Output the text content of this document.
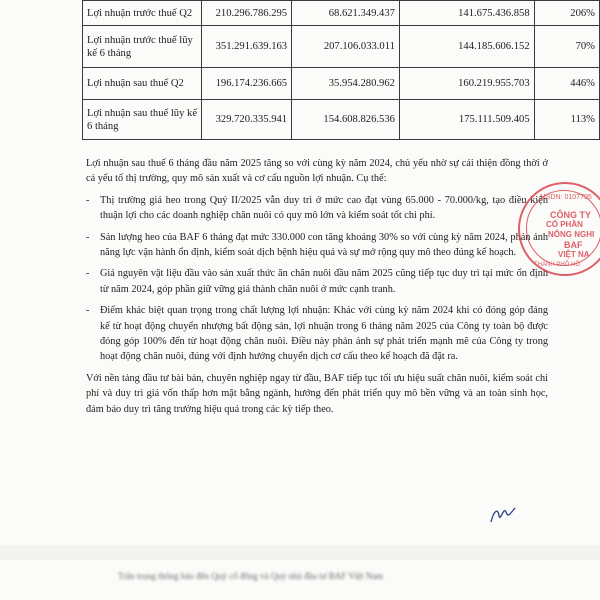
Lợi nhuận trước thuế Q2	210.296.786.295	68.621.349.437	141.675.436.858	206%
Lợi nhuận trước thuế lũy kế 6 tháng	351.291.639.163	207.106.033.011	144.185.606.152	70%
Lợi nhuận sau thuế Q2	196.174.236.665	35.954.280.962	160.219.955.703	446%
Lợi nhuận sau thuế lũy kế 6 tháng	329.720.335.941	154.608.826.536	175.111.509.405	113%

Lợi nhuận sau thuế 6 tháng đầu năm 2025 tăng so với cùng kỳ năm 2024, chủ yếu nhờ sự cải thiện đồng thời ở cả yếu tố thị trường, quy mô sản xuất và cơ cấu nguồn lợi nhuận. Cụ thể:

- Thị trường giá heo trong Quý II/2025 vẫn duy trì ở mức cao đạt vùng 65.000 - 70.000/kg, tạo điều kiện thuận lợi cho các doanh nghiệp chăn nuôi có quy mô lớn và kiểm soát tốt chi phí.

- Sản lượng heo của BAF 6 tháng đạt mức 330.000 con tăng khoảng 30% so với cùng kỳ năm 2024, phản ánh năng lực vận hành ổn định, kiểm soát dịch bệnh hiệu quả và sự mở rộng quy mô theo đúng kế hoạch.

- Giá nguyên vật liệu đầu vào sản xuất thức ăn chăn nuôi đầu năm 2025 cũng tiếp tục duy trì tại mức ổn định từ năm 2024, góp phần giữ vững giá thành chăn nuôi ở mức cạnh tranh.

- Điểm khác biệt quan trọng trong chất lượng lợi nhuận: Khác với cùng kỳ năm 2024 khi có đóng góp đáng kể từ hoạt động chuyển nhượng bất động sản, lợi nhuận trong 6 tháng năm 2025 của Công ty toàn bộ được đóng góp 100% đến từ hoạt động chăn nuôi. Điều này phản ánh sự phát triển mạnh mẽ của Công ty trong hoạt động chăn nuôi, đúng với định hướng chuyển dịch cơ cấu theo kế hoạch đã đặt ra.

Với nền tảng đầu tư bài bản, chuyên nghiệp ngay từ đầu, BAF tiếp tục tối ưu hiệu suất chăn nuôi, kiểm soát chi phí và duy trì giá vốn thấp hơn mặt bằng ngành, hướng đến phát triển quy mô bền vững và an toàn sinh học, đảm bảo duy trì tăng trưởng hiệu quả trong các kỳ tiếp theo.

MSDN: 0107795
CÔNG TY
CỔ PHẦN
NÔNG NGHI
BAF
VIỆT NA
THÀNH PHỐ HỒ
Trân trọng thông báo đến Quý cổ đông và Quý nhà đầu tư BAF Việt Nam
